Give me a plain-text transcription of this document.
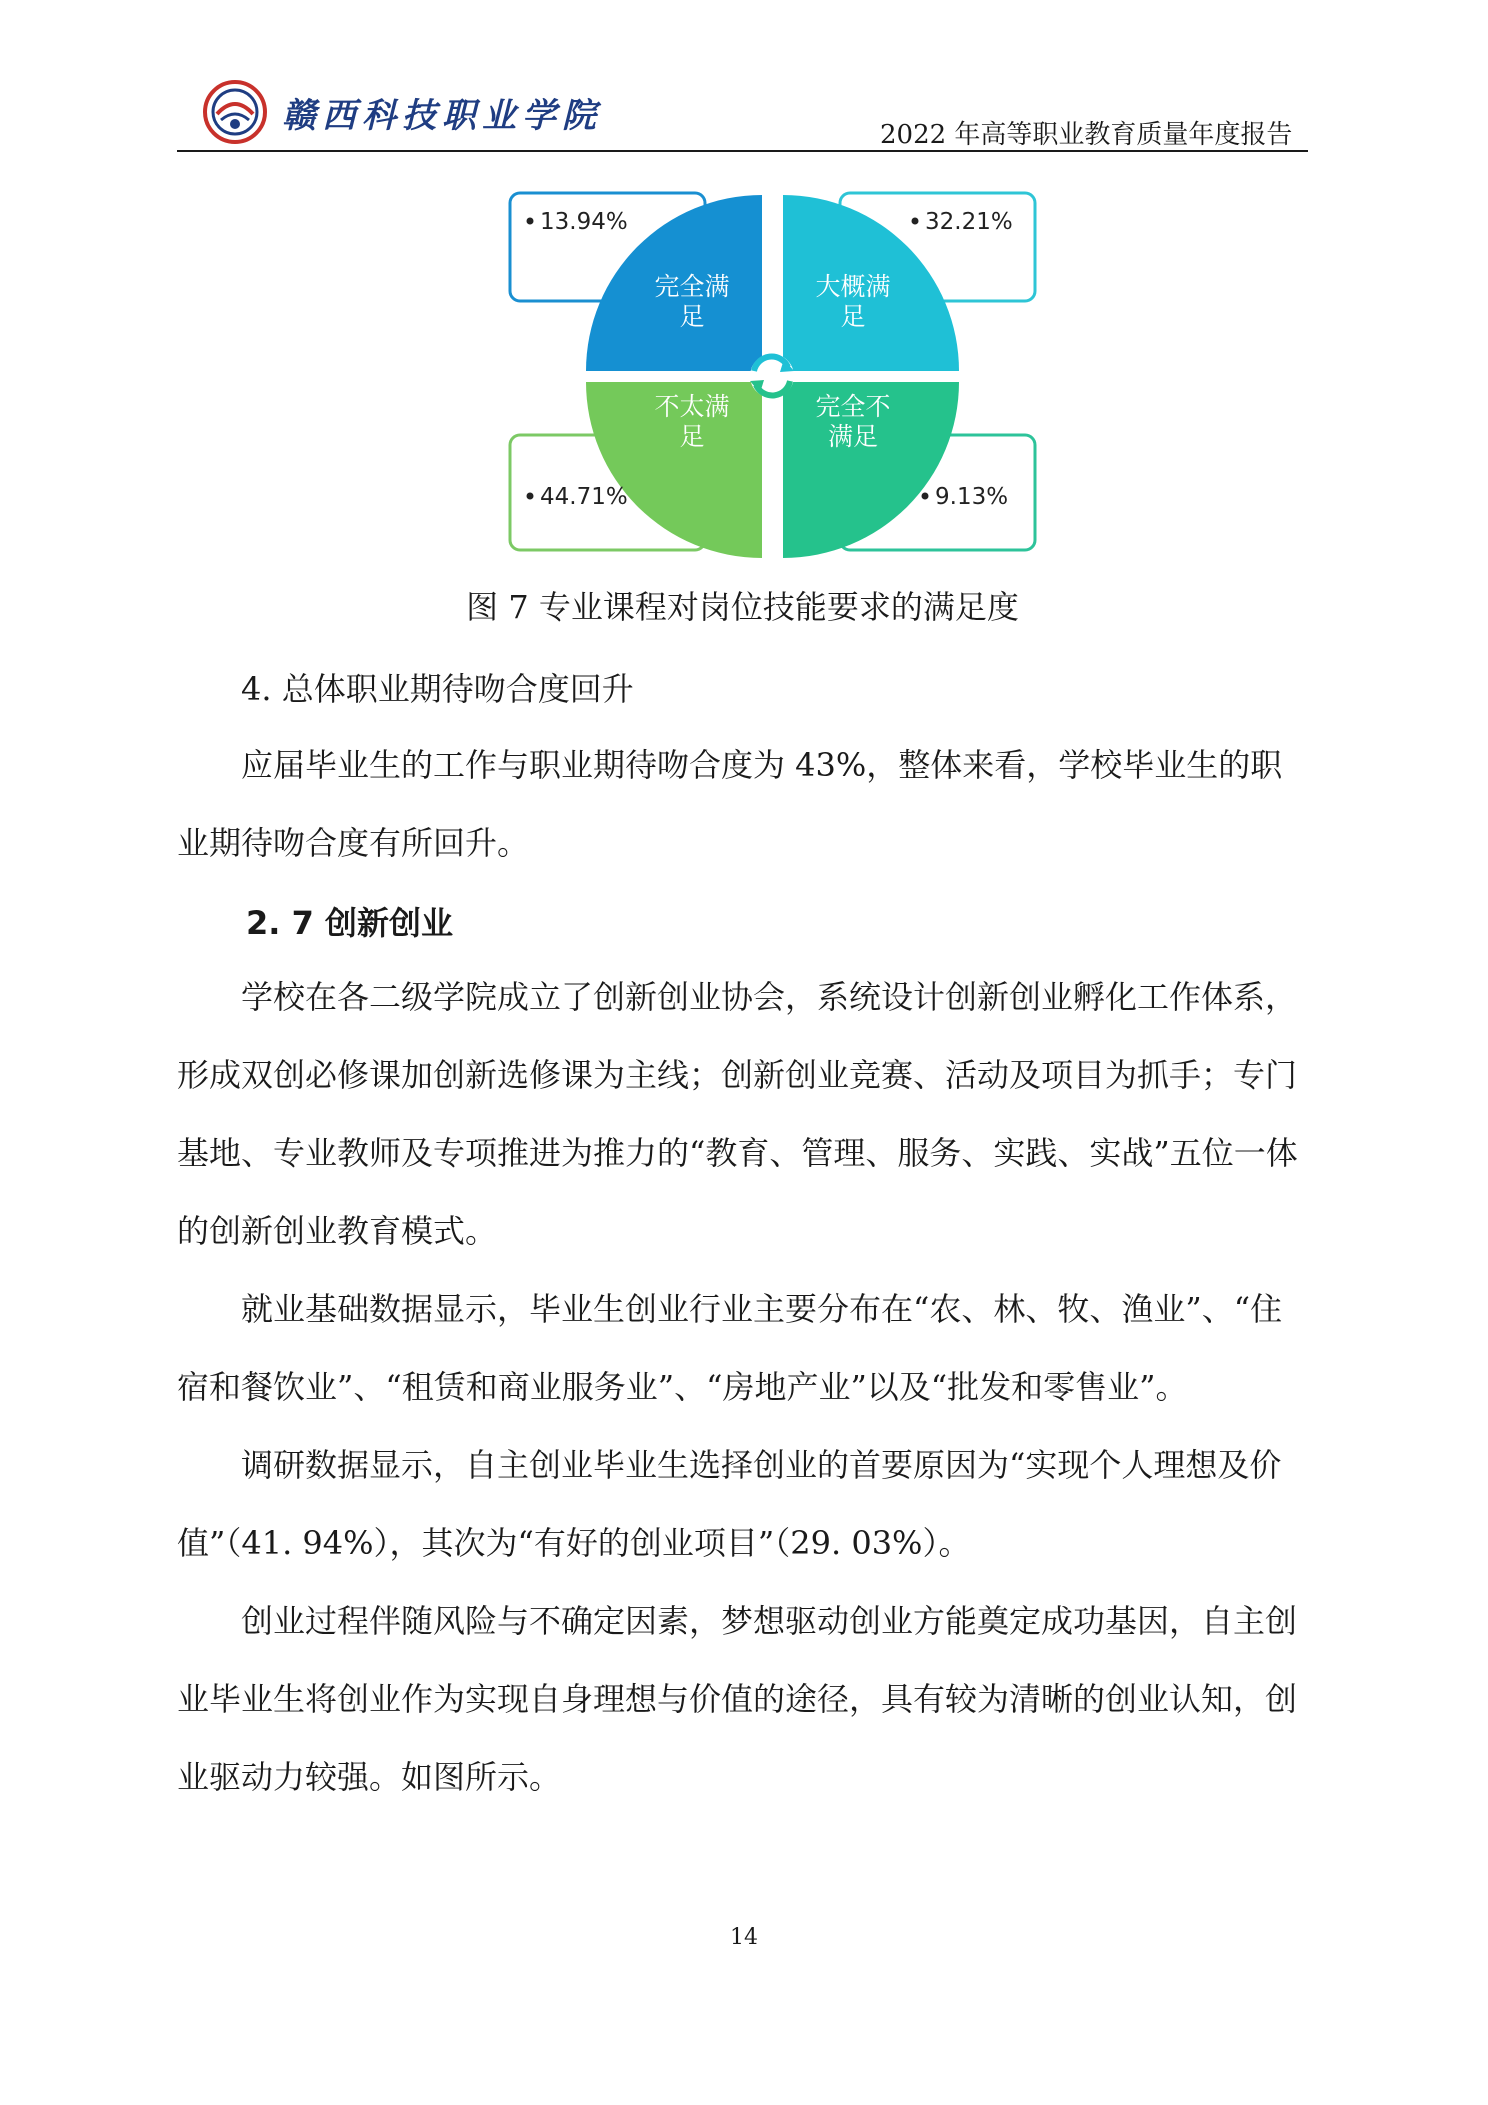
赣西科技职业学院	2022 年高等职业教育质量年度报告
完全满
足
大概满
足
不太满
足
完全不
满足
13.94%	32.21%
44.71%	9.13%
图 7 专业课程对岗位技能要求的满足度
4. 总体职业期待吻合度回升

应届毕业生的工作与职业期待吻合度为 43%，整体来看，学校毕业生的职业期待吻合度有所回升。

2. 7 创新创业

学校在各二级学院成立了创新创业协会，系统设计创新创业孵化工作体系，形成双创必修课加创新选修课为主线；创新创业竞赛、活动及项目为抓手；专门基地、专业教师及专项推进为推力的“教育、管理、服务、实践、实战”五位一体的创新创业教育模式。

就业基础数据显示，毕业生创业行业主要分布在“农、林、牧、渔业”、“住宿和餐饮业”、“租赁和商业服务业”、“房地产业”以及“批发和零售业”。

调研数据显示，自主创业毕业生选择创业的首要原因为“实现个人理想及价值”（41. 94%），其次为“有好的创业项目”（29. 03%）。

创业过程伴随风险与不确定因素，梦想驱动创业方能奠定成功基因，自主创业毕业生将创业作为实现自身理想与价值的途径，具有较为清晰的创业认知，创业驱动力较强。如图所示。

14
